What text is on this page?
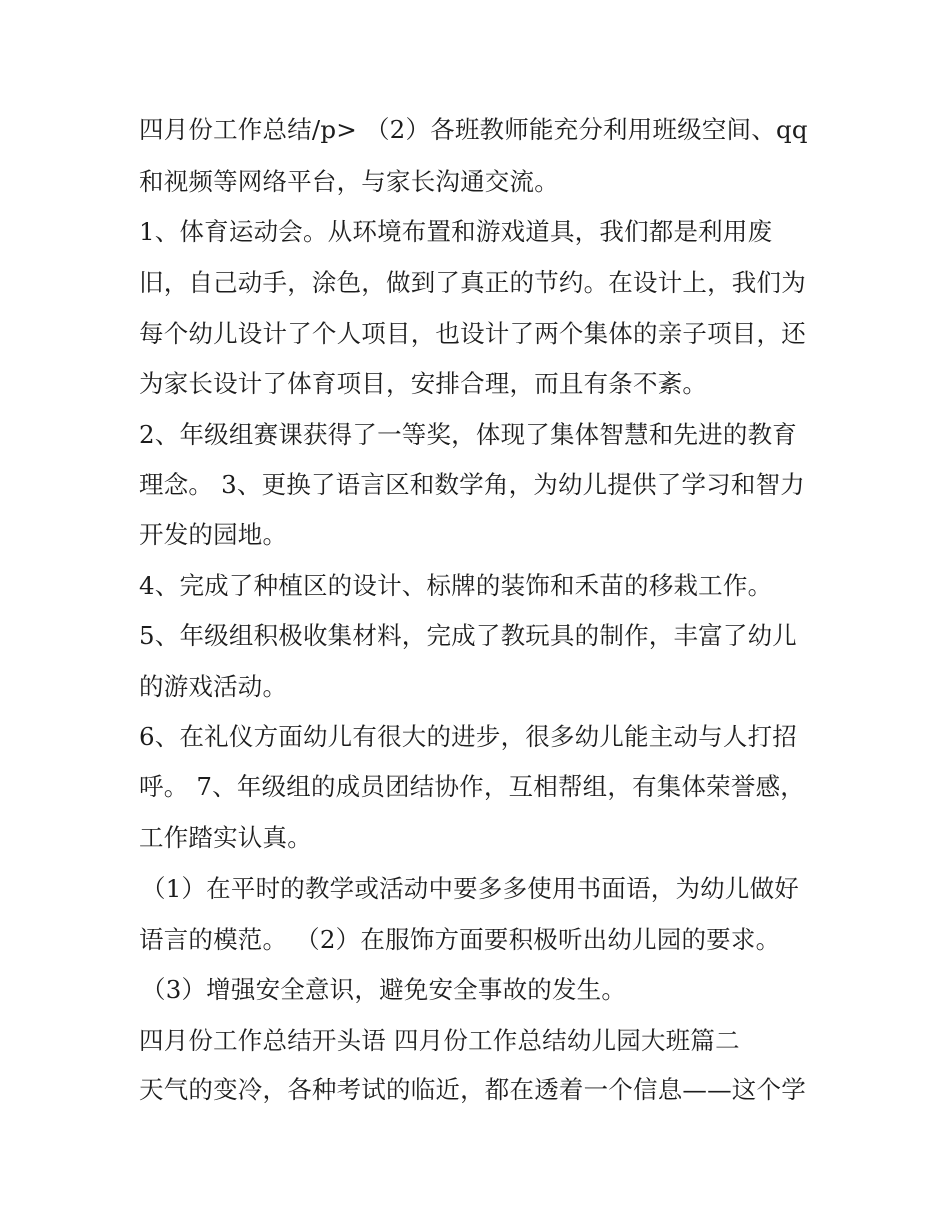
四月份工作总结/p> （2）各班教师能充分利用班级空间、qq
和视频等网络平台，与家长沟通交流。
1、体育运动会。从环境布置和游戏道具，我们都是利用废
旧，自己动手，涂色，做到了真正的节约。在设计上，我们为
每个幼儿设计了个人项目，也设计了两个集体的亲子项目，还
为家长设计了体育项目，安排合理，而且有条不紊。
2、年级组赛课获得了一等奖，体现了集体智慧和先进的教育
理念。 3、更换了语言区和数学角，为幼儿提供了学习和智力
开发的园地。
4、完成了种植区的设计、标牌的装饰和禾苗的移栽工作。
5、年级组积极收集材料，完成了教玩具的制作，丰富了幼儿
的游戏活动。
6、在礼仪方面幼儿有很大的进步，很多幼儿能主动与人打招
呼。 7、年级组的成员团结协作，互相帮组，有集体荣誉感，
工作踏实认真。
（1）在平时的教学或活动中要多多使用书面语，为幼儿做好
语言的模范。 （2）在服饰方面要积极听出幼儿园的要求。
（3）增强安全意识，避免安全事故的发生。
四月份工作总结开头语 四月份工作总结幼儿园大班篇二
天气的变冷，各种考试的临近，都在透着一个信息——这个学
